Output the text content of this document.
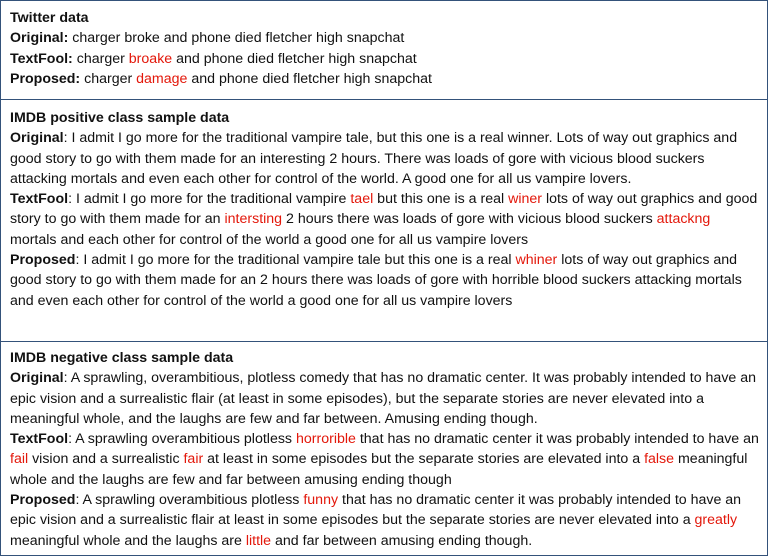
Twitter data

Original: charger broke and phone died fletcher high snapchat

TextFool: charger broake and phone died fletcher high snapchat

Proposed: charger damage and phone died fletcher high snapchat

IMDB positive class sample data

Original: I admit I go more for the traditional vampire tale, but this one is a real winner. Lots of way out graphics and good story to go with them made for an interesting 2 hours. There was loads of gore with vicious blood suckers attacking mortals and even each other for control of the world. A good one for all us vampire lovers.

TextFool: I admit I go more for the traditional vampire tael but this one is a real winer lots of way out graphics and good story to go with them made for an intersting 2 hours there was loads of gore with vicious blood suckers attackng mortals and each other for control of the world a good one for all us vampire lovers

Proposed: I admit I go more for the traditional vampire tale but this one is a real whiner lots of way out graphics and good story to go with them made for an 2 hours there was loads of gore with horrible blood suckers attacking mortals and even each other for control of the world a good one for all us vampire lovers

IMDB negative class sample data

Original: A sprawling, overambitious, plotless comedy that has no dramatic center. It was probably intended to have an epic vision and a surrealistic flair (at least in some episodes), but the separate stories are never elevated into a meaningful whole, and the laughs are few and far between. Amusing ending though.

TextFool: A sprawling overambitious plotless horrorible that has no dramatic center it was probably intended to have an fail vision and a surrealistic fair at least in some episodes but the separate stories are elevated into a false meaningful whole and the laughs are few and far between amusing ending though

Proposed: A sprawling overambitious plotless funny that has no dramatic center it was probably intended to have an epic vision and a surrealistic flair at least in some episodes but the separate stories are never elevated into a greatly meaningful whole and the laughs are little and far between amusing ending though.
